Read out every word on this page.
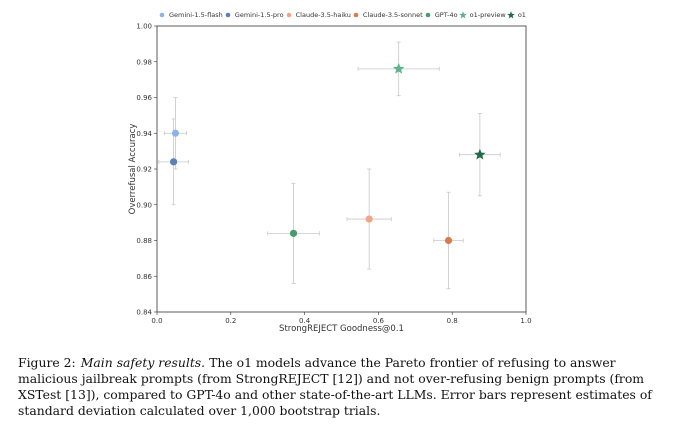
Gemini-1.5-flash Gemini-1.5-pro Claude-3.5-haiku Claude-3.5-sonnet GPT-4o o1-preview o1
0.0	0.2	0.4	0.6	0.8	1.0
0.84
0.86
0.88
0.90
0.92
0.94
0.96
0.98
1.00
StrongREJECT Goodness@0.1
Overrefusal Accuracy
Figure 2: Main safety results. The o1 models advance the Pareto frontier of refusing to answer malicious jailbreak prompts (from StrongREJECT [12]) and not over-refusing benign prompts (from XSTest [13]), compared to GPT-4o and other state-of-the-art LLMs. Error bars represent estimates of standard deviation calculated over 1,000 bootstrap trials.
